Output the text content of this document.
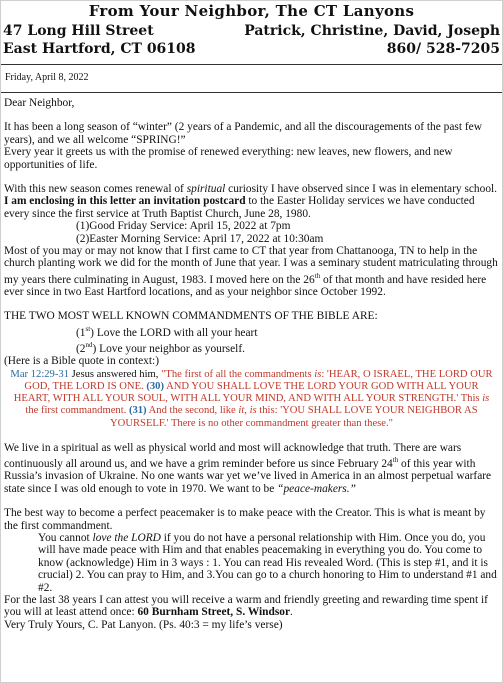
From Your Neighbor, The CT Lanyons
47 Long Hill Street	Patrick, Christine, David, Joseph
East Hartford, CT 06108	860/ 528-7205
Friday, April 8, 2022

Dear Neighbor,

It has been a long season of “winter” (2 years of a Pandemic, and all the discouragements of the past few years), and we all welcome “SPRING!”

Every year it greets us with the promise of renewed everything: new leaves, new flowers, and new opportunities of life.

With this new season comes renewal of spiritual curiosity I have observed since I was in elementary school. I am enclosing in this letter an invitation postcard to the Easter Holiday services we have conducted every since the first service at Truth Baptist Church, June 28, 1980.

(1)Good Friday Service: April 15, 2022 at 7pm

(2)Easter Morning Service: April 17, 2022 at 10:30am

Most of you may or may not know that I first came to CT that year from Chattanooga, TN to help in the church planting work we did for the month of June that year. I was a seminary student matriculating through my years there culminating in August, 1983. I moved here on the 26th of that month and have resided here ever since in two East Hartford locations, and as your neighbor since October 1992.

THE TWO MOST WELL KNOWN COMMANDMENTS OF THE BIBLE ARE:

(1st) Love the LORD with all your heart

(2nd) Love your neighbor as yourself.

(Here is a Bible quote in context:)

Mar 12:29-31 Jesus answered him, "The first of all the commandments is: 'HEAR, O ISRAEL, THE LORD OUR GOD, THE LORD IS ONE. (30) AND YOU SHALL LOVE THE LORD YOUR GOD WITH ALL YOUR HEART, WITH ALL YOUR SOUL, WITH ALL YOUR MIND, AND WITH ALL YOUR STRENGTH.' This is the first commandment. (31) And the second, like it, is this: 'YOU SHALL LOVE YOUR NEIGHBOR AS YOURSELF.' There is no other commandment greater than these."

We live in a spiritual as well as physical world and most will acknowledge that truth. There are wars continuously all around us, and we have a grim reminder before us since February 24th of this year with Russia’s invasion of Ukraine. No one wants war yet we’ve lived in America in an almost perpetual warfare state since I was old enough to vote in 1970. We want to be “peace-makers.”

The best way to become a perfect peacemaker is to make peace with the Creator. This is what is meant by the first commandment.

You cannot love the LORD if you do not have a personal relationship with Him. Once you do, you will have made peace with Him and that enables peacemaking in everything you do. You come to know (acknowledge) Him in 3 ways : 1. You can read His revealed Word. (This is step #1, and it is crucial) 2. You can pray to Him, and 3.You can go to a church honoring to Him to understand #1 and #2.

For the last 38 years I can attest you will receive a warm and friendly greeting and rewarding time spent if you will at least attend once: 60 Burnham Street, S. Windsor.

Very Truly Yours, C. Pat Lanyon. (Ps. 40:3 = my life’s verse)
